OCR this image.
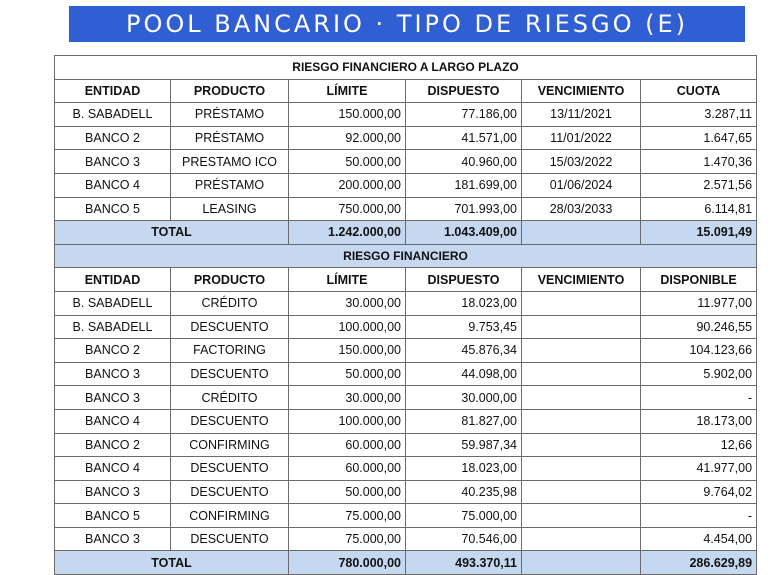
POOL BANCARIO · TIPO DE RIESGO (E)
RIESGO FINANCIERO A LARGO PLAZO					
ENTIDAD	PRODUCTO	LÍMITE	DISPUESTO	VENCIMIENTO	CUOTA
B. SABADELL	PRÉSTAMO	150.000,00	77.186,00	13/11/2021	3.287,11
BANCO 2	PRÉSTAMO	92.000,00	41.571,00	11/01/2022	1.647,65
BANCO 3	PRESTAMO ICO	50.000,00	40.960,00	15/03/2022	1.470,36
BANCO 4	PRÉSTAMO	200.000,00	181.699,00	01/06/2024	2.571,56
BANCO 5	LEASING	750.000,00	701.993,00	28/03/2033	6.114,81
TOTAL		1.242.000,00	1.043.409,00		15.091,49
RIESGO FINANCIERO					
ENTIDAD	PRODUCTO	LÍMITE	DISPUESTO	VENCIMIENTO	DISPONIBLE
B. SABADELL	CRÉDITO	30.000,00	18.023,00		11.977,00
B. SABADELL	DESCUENTO	100.000,00	9.753,45		90.246,55
BANCO 2	FACTORING	150.000,00	45.876,34		104.123,66
BANCO 3	DESCUENTO	50.000,00	44.098,00		5.902,00
BANCO 3	CRÉDITO	30.000,00	30.000,00		-
BANCO 4	DESCUENTO	100.000,00	81.827,00		18.173,00
BANCO 2	CONFIRMING	60.000,00	59.987,34		12,66
BANCO 4	DESCUENTO	60.000,00	18.023,00		41.977,00
BANCO 3	DESCUENTO	50.000,00	40.235,98		9.764,02
BANCO 5	CONFIRMING	75.000,00	75.000,00		-
BANCO 3	DESCUENTO	75.000,00	70.546,00		4.454,00
TOTAL		780.000,00	493.370,11		286.629,89
